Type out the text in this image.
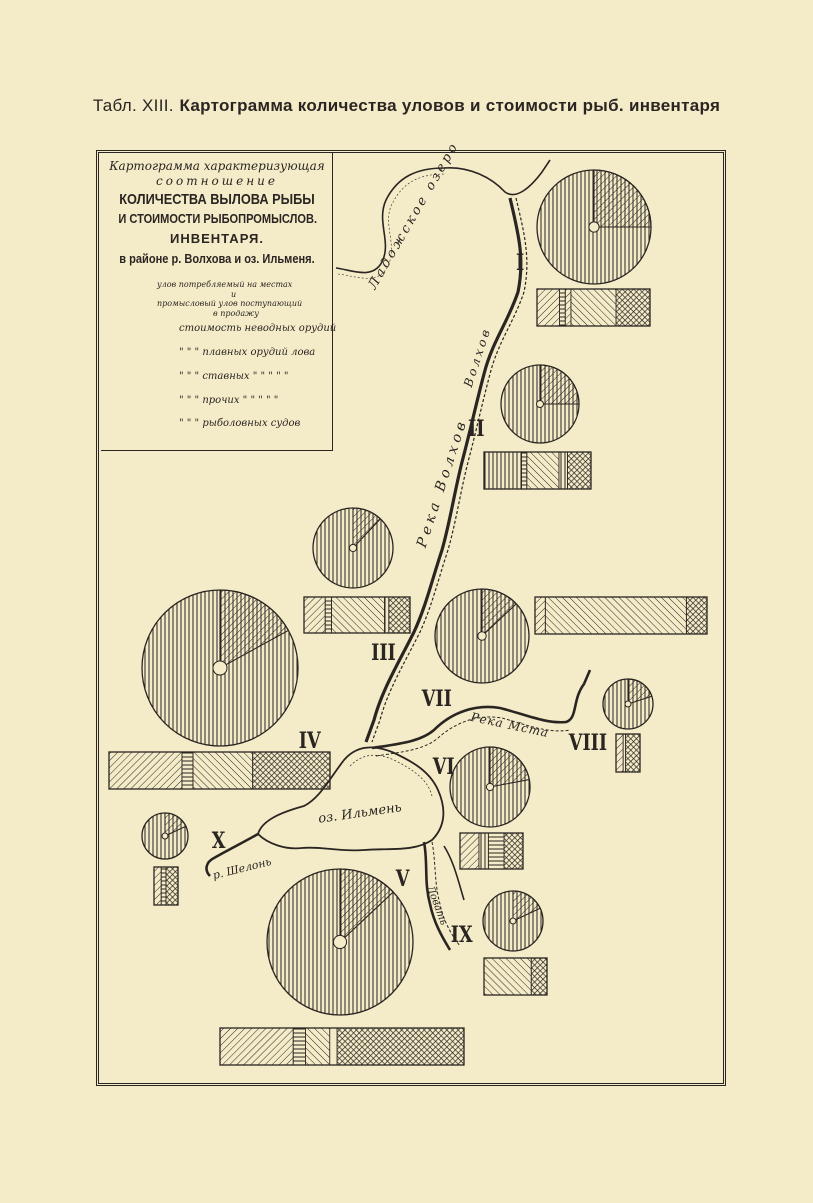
Табл. XIII. Картограмма количества уловов и стоимости рыб. инвентаря
Картограмма характеризующая
соотношение
КОЛИЧЕСТВА ВЫЛОВА РЫБЫ
И СТОИМОСТИ РЫБОПРОМЫСЛОВ.
ИНВЕНТАРЯ.
в районе р. Волхова и оз. Ильменя.
улов потребляемый на местах
и
промысловый улов поступающий
в продажу
стоимость неводных орудий
" " " плавных орудий лова
" " " ставных " " " " "
" " " прочих " " " " "
" " " рыболовных судов
Ладожское озеро
Река Волхов
Волхов
Река Мста
оз. Ильмень
р. Шелонь
Ловать
I
II
III
IV
V
VI
VII
VIII
IX
X
